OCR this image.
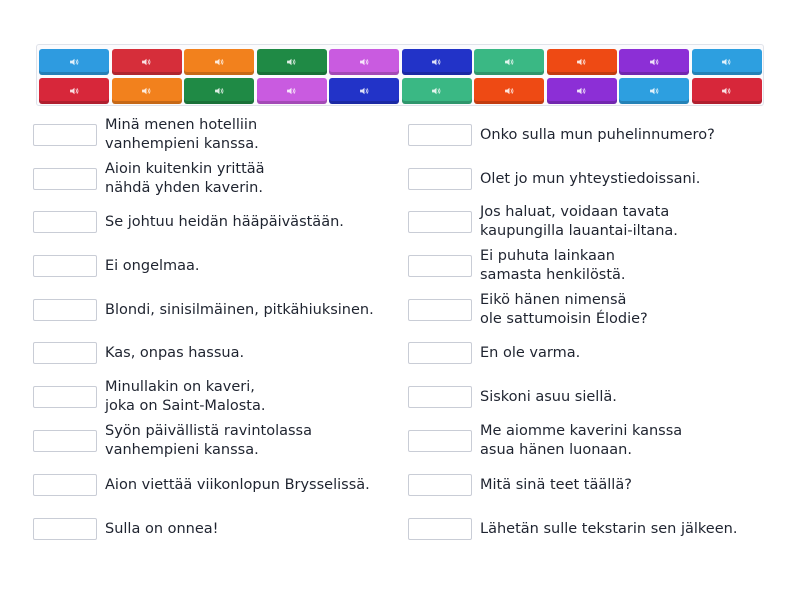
Minä menen hotelliin
vanhempieni kanssa.
Aioin kuitenkin yrittää
nähdä yhden kaverin.
Se johtuu heidän hääpäivästään.
Ei ongelmaa.
Blondi, sinisilmäinen, pitkähiuksinen.
Kas, onpas hassua.
Minullakin on kaveri,
joka on Saint-Malosta.
Syön päivällistä ravintolassa
vanhempieni kanssa.
Aion viettää viikonlopun Brysselissä.
Sulla on onnea!
Onko sulla mun puhelinnumero?
Olet jo mun yhteystiedoissani.
Jos haluat, voidaan tavata
kaupungilla lauantai-iltana.
Ei puhuta lainkaan
samasta henkilöstä.
Eikö hänen nimensä
ole sattumoisin Élodie?
En ole varma.
Siskoni asuu siellä.
Me aiomme kaverini kanssa
asua hänen luonaan.
Mitä sinä teet täällä?
Lähetän sulle tekstarin sen jälkeen.
